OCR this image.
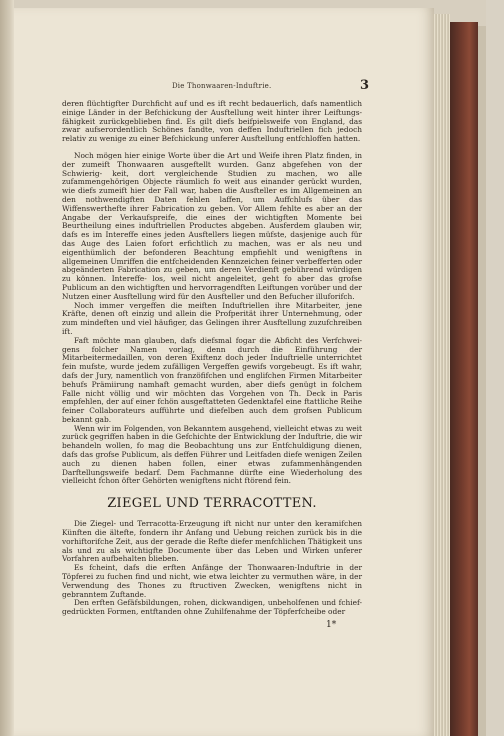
Die Thonwaaren-Induftrie.	3

deren flüchtigfter Durchficht auf und es ift recht bedauerlich, dafs namentlich einige Länder in der Befchickung der Ausftellung weit hinter ihrer Leiftungs- fähigkeit zurückgeblieben find. Es gilt diefs beifpielsweife von England, das zwar aufserordentlich Schönes fandte, von deffen Induftriellen fich jedoch relativ zu wenige zu einer Befchickung unferer Ausftellung entfchloffen hatten.

Noch mögen hier einige Worte über die Art und Weife ihren Platz finden, in der zumeift Thonwaaren ausgeftellt wurden. Ganz abgefehen von der Schwierig- keit, dort vergleichende Studien zu machen, wo alle zufammengehörigen Objecte räumlich fo weit aus einander gerückt wurden, wie diefs zumeift hier der Fall war, haben die Ausfteller es im Allgemeinen an den nothwendigften Daten fehlen laffen, um Auffchlufs über das Wiffenswerthefte ihrer Fabrication zu geben. Vor Allem fehlte es aber an der Angabe der Verkaufspreife, die eines der wichtigften Momente bei Beurtheilung eines induftriellen Productes abgeben. Ausferdem glauben wir, dafs es im Intereffe eines jeden Ausftellers liegen müfste, dasjenige auch für das Auge des Laien fofort erfichtlich zu machen, was er als neu und eigenthümlich der befonderen Beachtung empfiehlt und wenigftens in allgemeinen Umriffen die entfcheidenden Kennzeichen feiner verbefferten oder abgeänderten Fabrication zu geben, um deren Verdienft gebührend würdigen zu können. Intereffe- los, weil nicht angeleitet, geht fo aber das grofse Publicum an den wichtigften und hervorragendften Leiftungen vorüber und der Nutzen einer Ausftellung wird für den Ausfteller und den Befucher illuforifch.

Noch immer vergeffen die meiften Induftriellen ihre Mitarbeiter, jene Kräfte, denen oft einzig und allein die Profperität ihrer Unternehmung, oder zum mindeften und viel häufiger, das Gelingen ihrer Ausftellung zuzufchreiben ift.

Faft möchte man glauben, dafs diefsmal fogar die Abficht des Verfchwei- gens folcher Namen vorlag, denn durch die Einführung der Mitarbeitermedaillen, von deren Exiftenz doch jeder Induftrielle unterrichtet fein mufste, wurde jedem zufälligen Vergeffen gewifs vorgebeugt. Es ift wahr, dafs der Jury, namentlich von franzöfifchen und englifchen Firmen Mitarbeiter behufs Prämiirung namhaft gemacht wurden, aber diefs genügt in folchem Falle nicht völlig und wir möchten das Vorgehen von Th. Deck in Paris empfehlen, der auf einer fchön ausgeftatteten Gedenktafel eine ftattliche Reihe feiner Collaborateurs aufführte und diefelben auch dem grofsen Publicum bekannt gab.

Wenn wir im Folgenden, von Bekanntem ausgehend, vielleicht etwas zu weit zurück gegriffen haben in die Gefchichte der Entwicklung der Induftrie, die wir behandeln wollen, fo mag die Beobachtung uns zur Entfchuldigung dienen, dafs das grofse Publicum, als deffen Führer und Leitfaden diefe wenigen Zeilen auch zu dienen haben follen, einer etwas zufammenhängenden Darftellungsweife bedarf. Dem Fachmanne dürfte eine Wiederholung des vielleicht fchon öfter Gehörten wenigftens nicht ftörend fein.

ZIEGEL UND TERRACOTTEN.

Die Ziegel- und Terracotta-Erzeugung ift nicht nur unter den keramifchen Künften die ältefte, fondern ihr Anfang und Uebung reichen zurück bis in die vorhiftorifche Zeit, aus der gerade die Refte diefer menfchlichen Thätigkeit uns als und zu als wichtigfte Documente über das Leben und Wirken unferer Vorfahren aufbehalten blieben.

Es fcheint, dafs die erften Anfänge der Thonwaaren-Induftrie in der Töpferei zu fuchen find und nicht, wie etwa leichter zu vermuthen wäre, in der Verwendung des Thones zu ftructiven Zwecken, wenigftens nicht in gebranntem Zuftande.

Den erften Gefäfsbildungen, rohen, dickwandigen, unbeholfenen und fchief- gedrückten Formen, entftanden ohne Zuhilfenahme der Töpferfcheibe oder

1*
